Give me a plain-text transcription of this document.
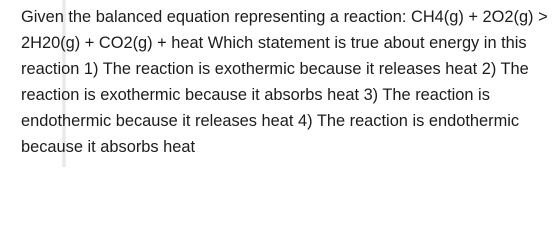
Given the balanced equation representing a reaction: CH4(g) + 2O2(g) > 2H20(g) + CO2(g) + heat Which statement is true about energy in this reaction 1) The reaction is exothermic because it releases heat 2) The reaction is exothermic because it absorbs heat 3) The reaction is endothermic because it releases heat 4) The reaction is endothermic because it absorbs heat
